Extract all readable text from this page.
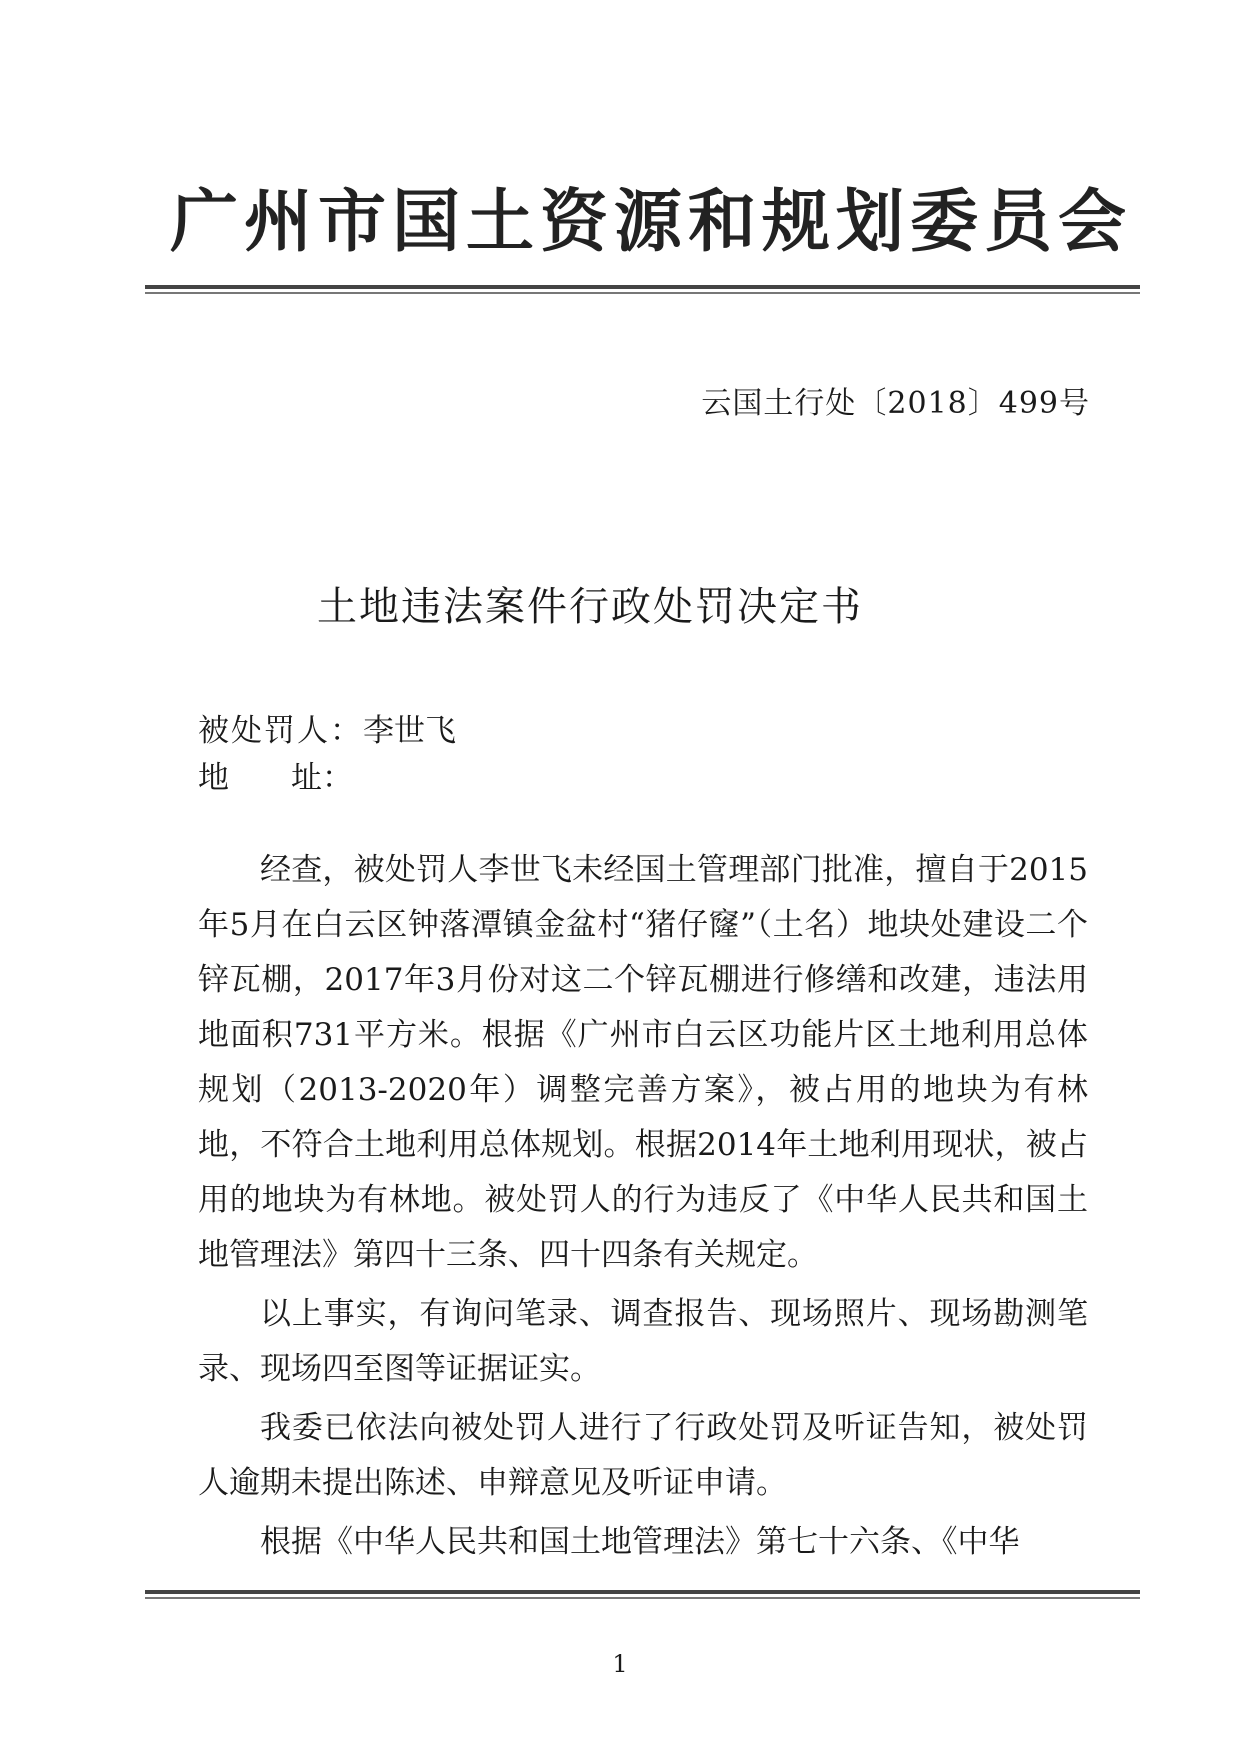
广州市国土资源和规划委员会
云国土行处〔2018〕499号
土地违法案件行政处罚决定书
被处罚人：李世飞
地　　址：

经查，被处罚人李世飞未经国土管理部门批准，擅自于2015年5月在白云区钟落潭镇金盆村“猪仔窿”（土名）地块处建设二个锌瓦棚，2017年3月份对这二个锌瓦棚进行修缮和改建，违法用地面积731平方米。根据《广州市白云区功能片区土地利用总体规划（2013-2020年）调整完善方案》，被占用的地块为有林地，不符合土地利用总体规划。根据2014年土地利用现状，被占用的地块为有林地。被处罚人的行为违反了《中华人民共和国土地管理法》第四十三条、四十四条有关规定。

以上事实，有询问笔录、调查报告、现场照片、现场勘测笔录、现场四至图等证据证实。

我委已依法向被处罚人进行了行政处罚及听证告知，被处罚人逾期未提出陈述、申辩意见及听证申请。

根据《中华人民共和国土地管理法》第七十六条、《中华

1
